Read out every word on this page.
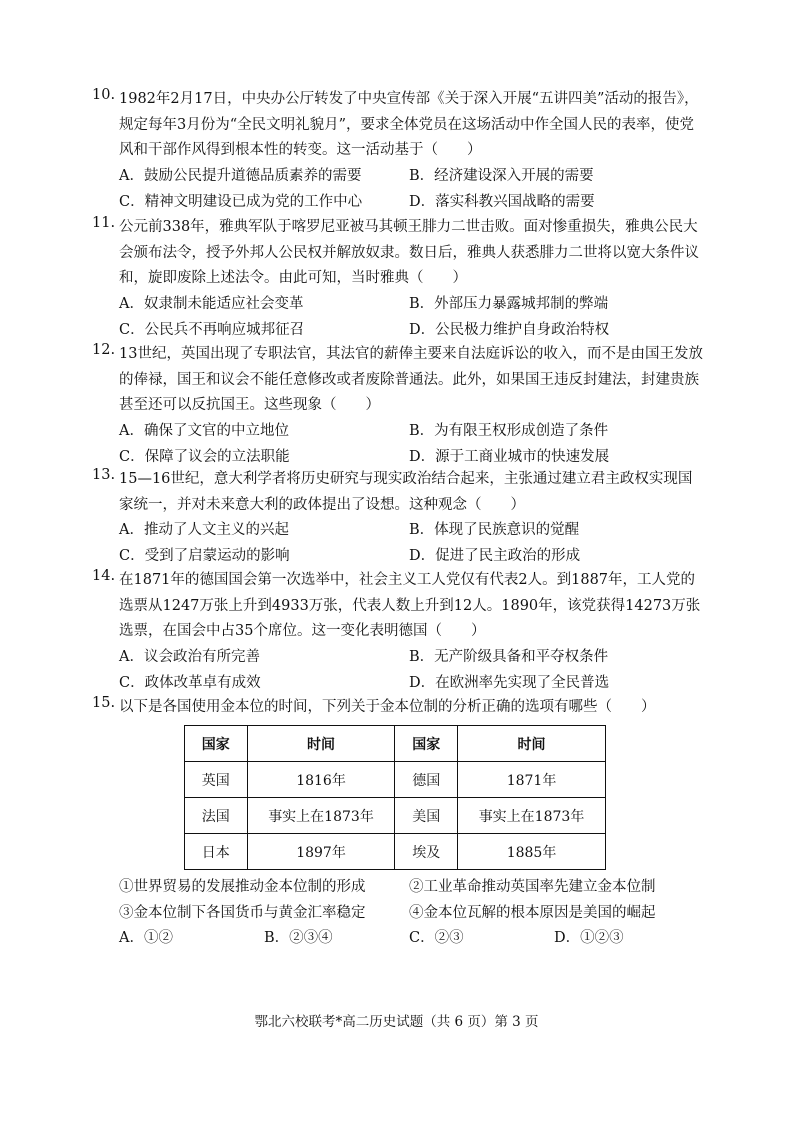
10. 1982年2月17日，中央办公厅转发了中央宣传部《关于深入开展“五讲四美”活动的报告》，规定每年3月份为“全民文明礼貌月”，要求全体党员在这场活动中作全国人民的表率，使党风和干部作风得到根本性的转变。这一活动基于（　　）
A．鼓励公民提升道德品质素养的需要	B．经济建设深入开展的需要
C．精神文明建设已成为党的工作中心	D．落实科教兴国战略的需要
11. 公元前338年，雅典军队于喀罗尼亚被马其顿王腓力二世击败。面对惨重损失，雅典公民大会颁布法令，授予外邦人公民权并解放奴隶。数日后，雅典人获悉腓力二世将以宽大条件议和，旋即废除上述法令。由此可知，当时雅典（　　）
A．奴隶制未能适应社会变革	B．外部压力暴露城邦制的弊端
C．公民兵不再响应城邦征召	D．公民极力维护自身政治特权
12. 13世纪，英国出现了专职法官，其法官的薪俸主要来自法庭诉讼的收入，而不是由国王发放的俸禄，国王和议会不能任意修改或者废除普通法。此外，如果国王违反封建法，封建贵族甚至还可以反抗国王。这些现象（　　）
A．确保了文官的中立地位	B．为有限王权形成创造了条件
C．保障了议会的立法职能	D．源于工商业城市的快速发展
13. 15—16世纪，意大利学者将历史研究与现实政治结合起来，主张通过建立君主政权实现国家统一，并对未来意大利的政体提出了设想。这种观念（　　）
A．推动了人文主义的兴起	B．体现了民族意识的觉醒
C．受到了启蒙运动的影响	D．促进了民主政治的形成
14. 在1871年的德国国会第一次选举中，社会主义工人党仅有代表2人。到1887年，工人党的选票从1247万张上升到4933万张，代表人数上升到12人。1890年，该党获得14273万张选票，在国会中占35个席位。这一变化表明德国（　　）
A．议会政治有所完善	B．无产阶级具备和平夺权条件
C．政体改革卓有成效	D．在欧洲率先实现了全民普选
15. 以下是各国使用金本位的时间，下列关于金本位制的分析正确的选项有哪些（　　）
国家	时间	国家	时间
英国	1816年	德国	1871年
法国	事实上在1873年	美国	事实上在1873年
日本	1897年	埃及	1885年
①世界贸易的发展推动金本位制的形成	②工业革命推动英国率先建立金本位制
③金本位制下各国货币与黄金汇率稳定	④金本位瓦解的根本原因是美国的崛起
A．①②	B．②③④	C．②③	D．①②③
鄂北六校联考*高二历史试题（共 6 页）第 3 页
